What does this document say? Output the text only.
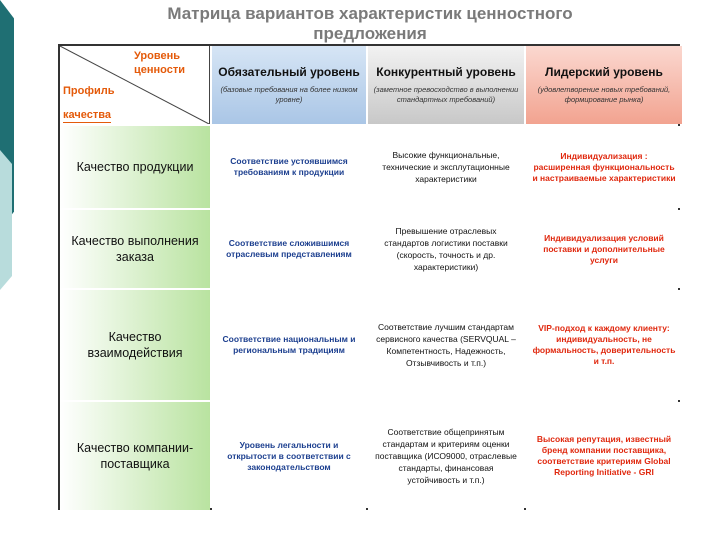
Матрица вариантов характеристик ценностного предложения
Уровень
ценности
Профиль
качества
Обязательный уровень
(базовые требования на более низком уровне)
Конкурентный уровень
(заметное превосходство в выполнении стандартных требований)
Лидерский уровень
(удовлетворение новых требований, формирование рынка)
Качество продукции	Соответствие устоявшимся требованиям к продукции
Высокие функциональные, технические и эксплутационные характеристики
Индивидуализация : расширенная функциональность и настраиваемые характеристики
Качество выполнения заказа
Соответствие сложившимся отраслевым представлениям
Превышение отраслевых стандартов логистики поставки (скорость, точность и др. характеристики)
Индивидуализация условий поставки и дополнительные услуги
Качество взаимодействия
Соответствие национальным и региональным традициям
Соответствие лучшим стандартам сервисного качества (SERVQUAL – Компетентность, Надежность, Отзывчивость и т.п.)
VIP-подход к каждому клиенту: индивидуальность, не формальность, доверительность и т.п.
Качество компании-поставщика
Уровень легальности и открытости в соответствии с законодательством
Соответствие общепринятым стандартам и критериям оценки поставщика (ИСО9000, отраслевые стандарты, финансовая устойчивость и т.п.)
Высокая репутация, известный бренд компании поставщика, соответствие критериям Global Reporting Initiative - GRI
